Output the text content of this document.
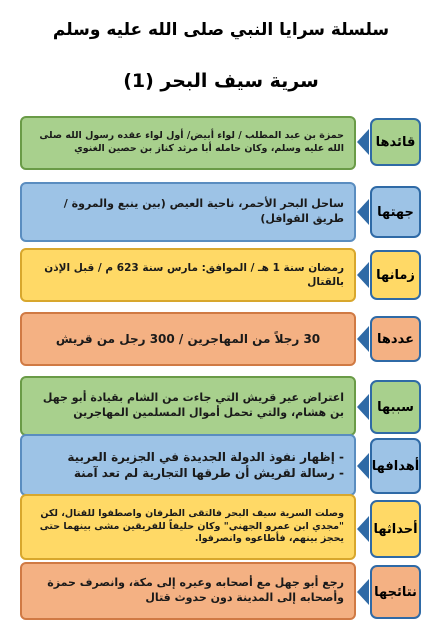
سلسلة سرايا النبي صلى الله عليه وسلم
سرية سيف البحر (1)
قائدها
حمزة بن عبد المطلب / لواء أبيض/ أول لواء عقده رسول الله صلى الله عليه وسلم، وكان حامله أبا مرثد كناز بن حصين الغنوي
جهتها
ساحل البحر الأحمر، ناحية العيص (بين ينبع والمروة / طريق القوافل)
زمانها
رمضان سنة 1 هـ / الموافق: مارس سنة 623 م / قبل الإذن بالقتال
عددها
30 رجلاً من المهاجرين / 300 رجل من قريش
سببها
اعتراض عير قريش التي جاءت من الشام بقيادة أبو جهل بن هشام، والتي تحمل أموال المسلمين المهاجرين
أهدافها
- إظهار نفوذ الدولة الجديدة في الجزيرة العربية
- رسالة لقريش أن طرقها التجارية لم تعد آمنة
أحداثها
وصلت السرية سيف البحر فالتقى الطرفان واصطفوا للقتال، لكن "مجدي ابن عمرو الجهني" وكان حليفاً للفريقين مشى بينهما حتى يحجز بينهم، فأطاعوه وانصرفوا.
نتائجها
رجع أبو جهل مع أصحابه وعيره إلى مكة، وانصرف حمزة وأصحابه إلى المدينة دون حدوث قتال
